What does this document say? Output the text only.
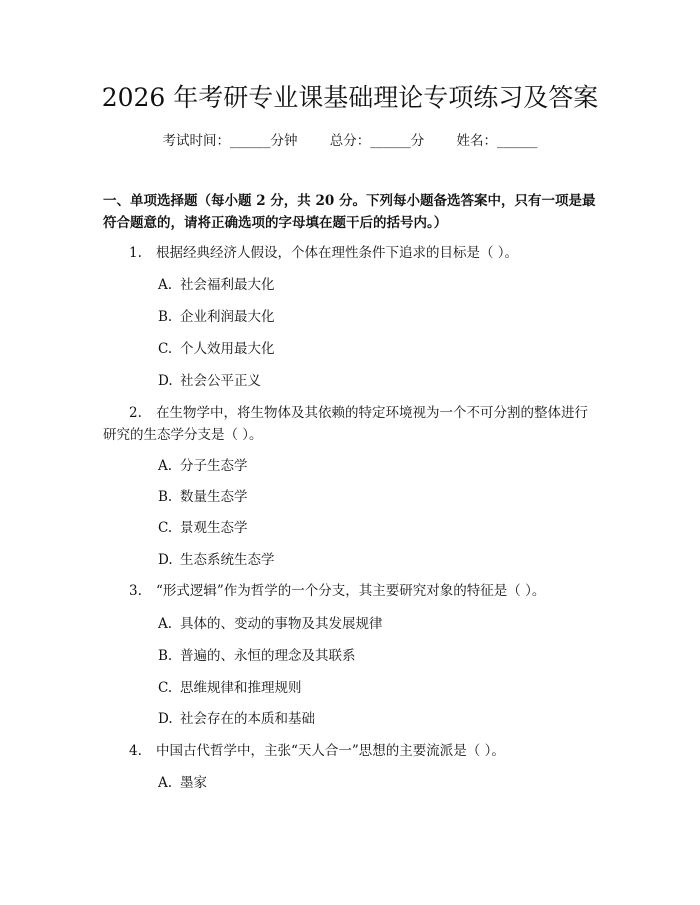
2026 年考研专业课基础理论专项练习及答案
考试时间：______分钟 总分：______分 姓名：______

一、单项选择题（每小题 2 分，共 20 分。下列每小题备选答案中，只有一项是最符合题意的，请将正确选项的字母填在题干后的括号内。）

1. 根据经典经济人假设，个体在理性条件下追求的目标是（ ）。

A. 社会福利最大化
B. 企业利润最大化
C. 个人效用最大化
D. 社会公平正义

2. 在生物学中，将生物体及其依赖的特定环境视为一个不可分割的整体进行研究的生态学分支是（ ）。

A. 分子生态学
B. 数量生态学
C. 景观生态学
D. 生态系统生态学

3. “形式逻辑”作为哲学的一个分支，其主要研究对象的特征是（ ）。

A. 具体的、变动的事物及其发展规律
B. 普遍的、永恒的理念及其联系
C. 思维规律和推理规则
D. 社会存在的本质和基础

4. 中国古代哲学中，主张“天人合一”思想的主要流派是（ ）。

A. 墨家
